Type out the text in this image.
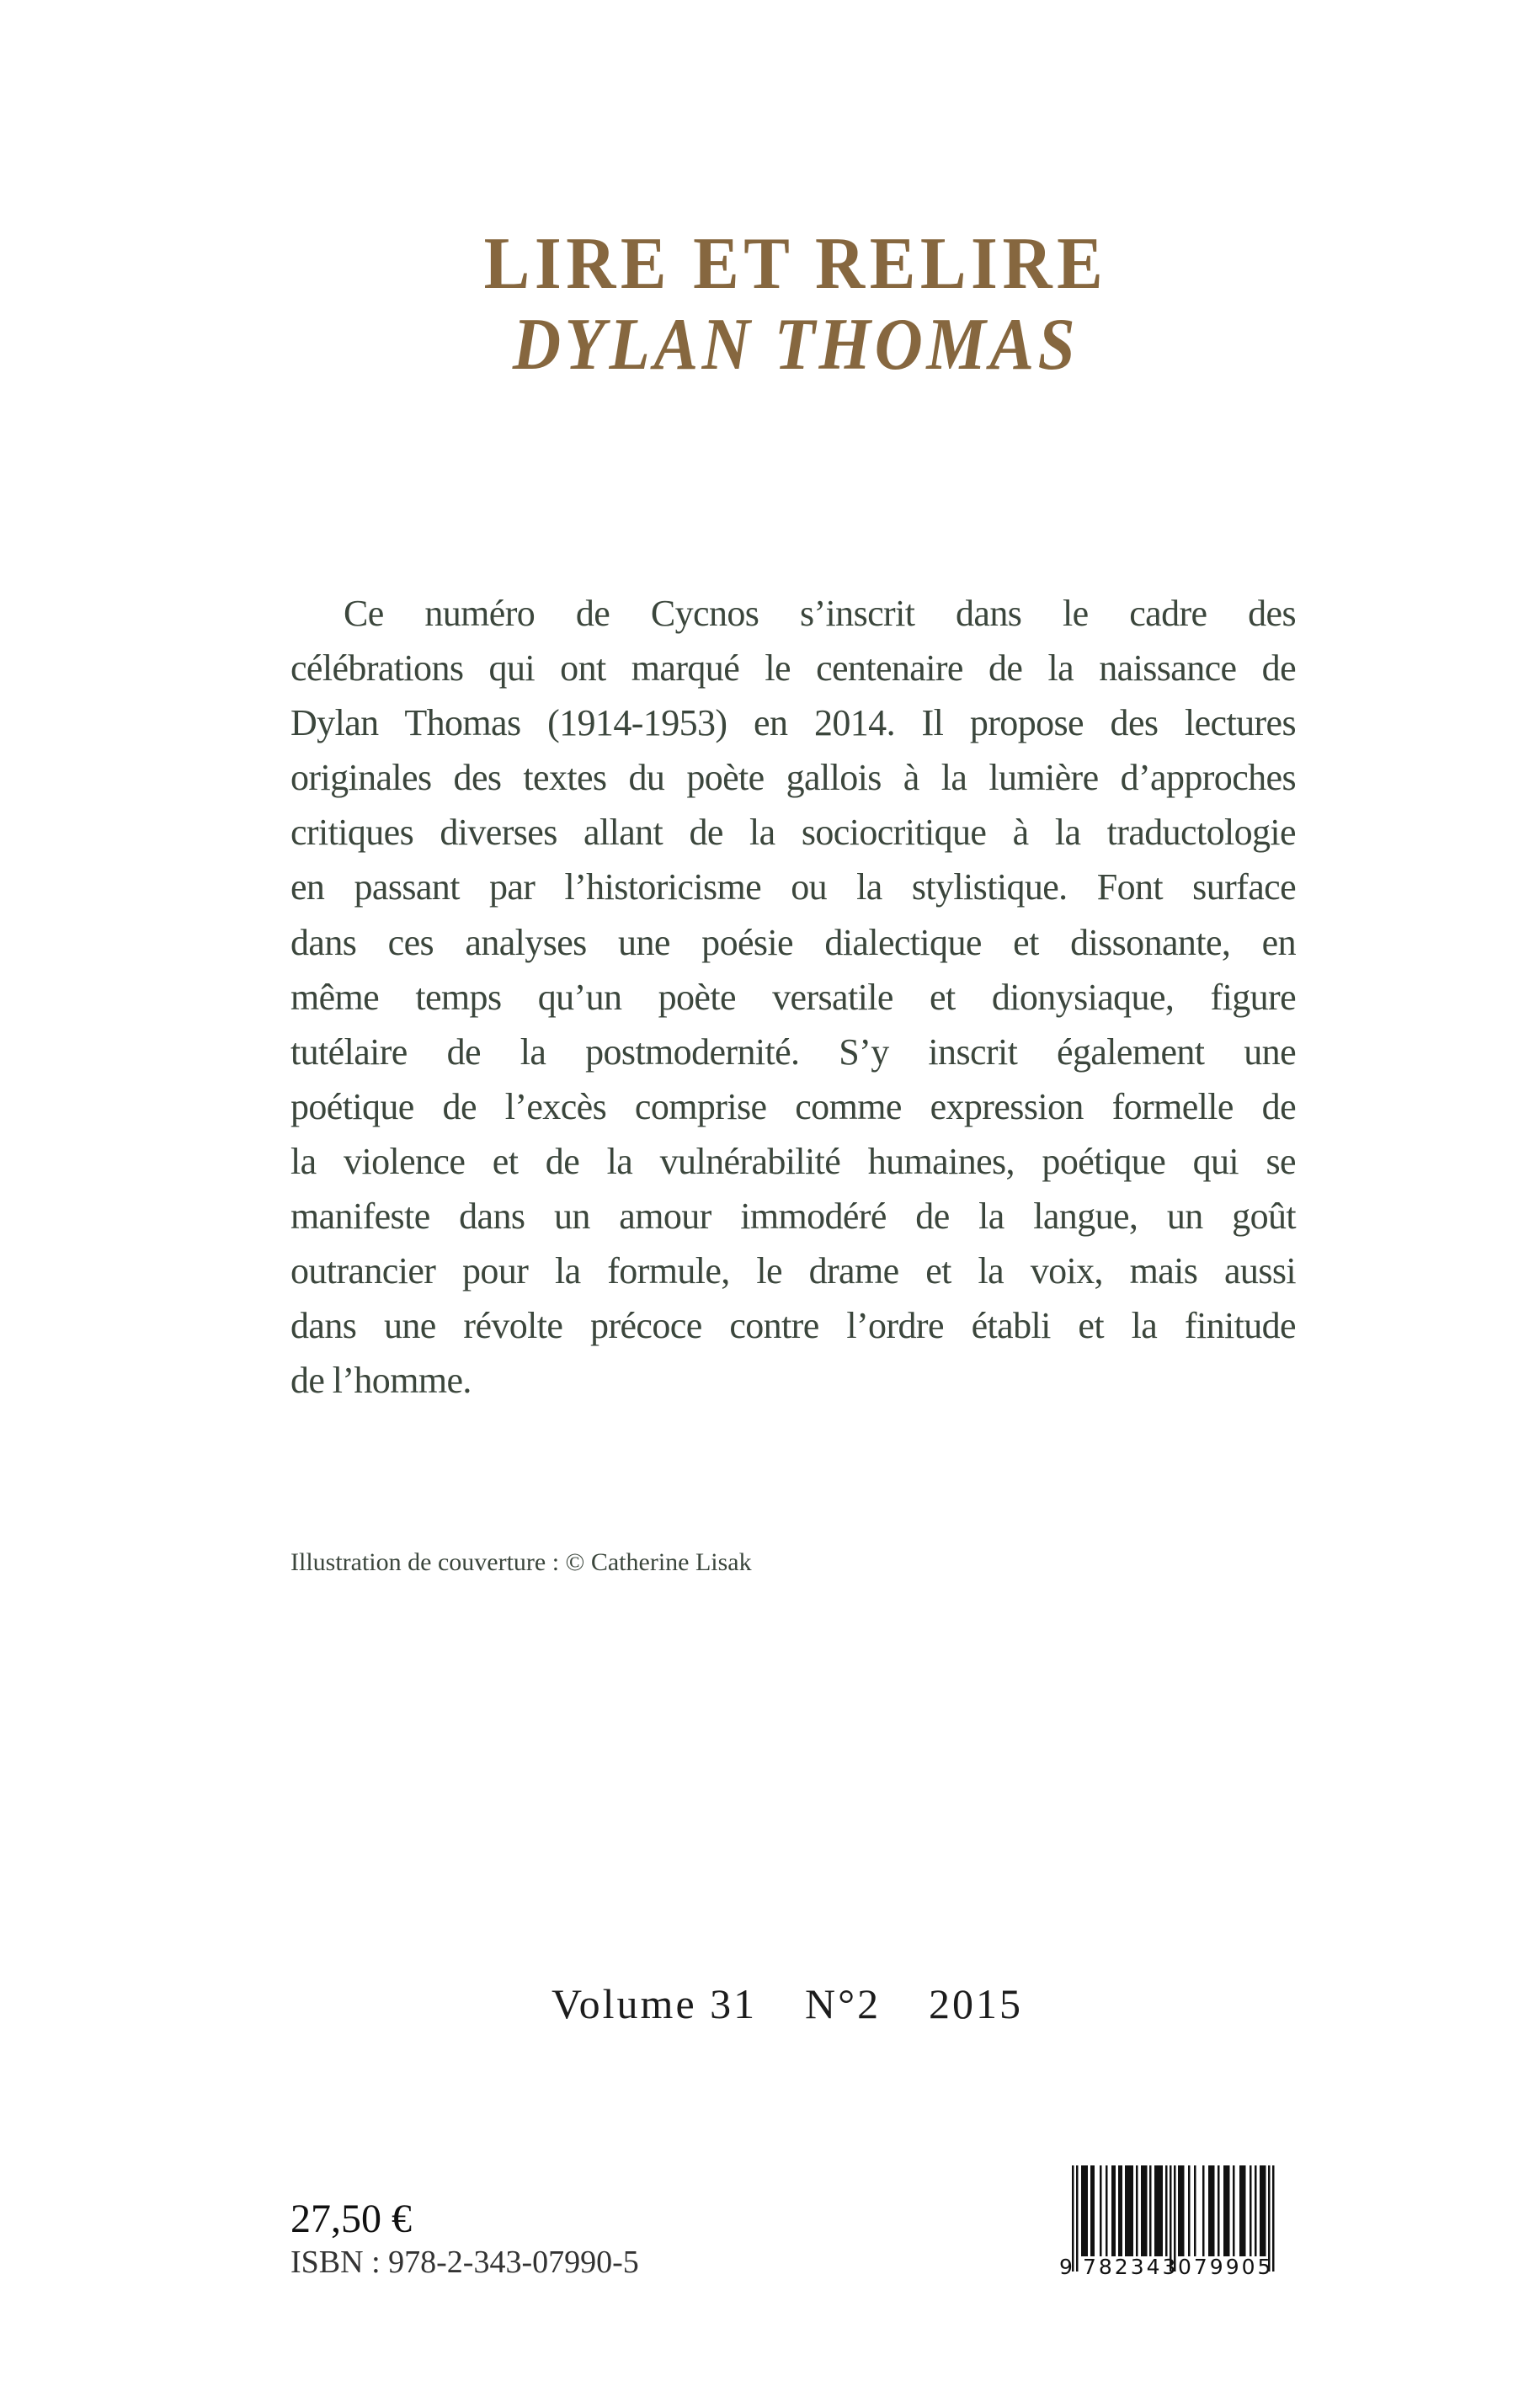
LIRE ET RELIRE
DYLAN THOMAS
Ce numéro de Cycnos s’inscrit dans le cadre des
célébrations qui ont marqué le centenaire de la naissance de
Dylan Thomas (1914-1953) en 2014. Il propose des lectures
originales des textes du poète gallois à la lumière d’approches
critiques diverses allant de la sociocritique à la traductologie
en passant par l’historicisme ou la stylistique. Font surface
dans ces analyses une poésie dialectique et dissonante, en
même temps qu’un poète versatile et dionysiaque, figure
tutélaire de la postmodernité. S’y inscrit également une
poétique de l’excès comprise comme expression formelle de
la violence et de la vulnérabilité humaines, poétique qui se
manifeste dans un amour immodéré de la langue, un goût
outrancier pour la formule, le drame et la voix, mais aussi
dans une révolte précoce contre l’ordre établi et la finitude
de l’homme.
Illustration de couverture : © Catherine Lisak
Volume 31 N°2 2015
27,50 €
ISBN : 978-2-343-07990-5	9 782343 079905
